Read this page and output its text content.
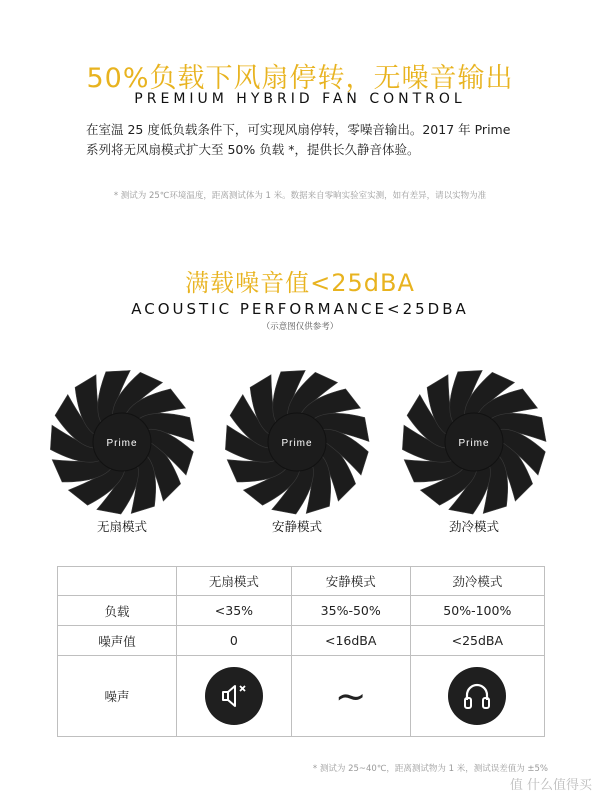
50%负载下风扇停转，无噪音输出
PREMIUM HYBRID FAN CONTROL
在室温 25 度低负载条件下，可实现风扇停转，零噪音输出。2017 年 Prime 系列将无风扇模式扩大至 50% 负载 *，提供长久静音体验。
* 测试为 25℃环境温度，距离测试体为 1 米。数据来自零晌实验室实测，如有差异，请以实物为准
满载噪音值<25dBA
ACOUSTIC PERFORMANCE<25DBA
（示意图仅供参考）
Prime	Prime	Prime
无扇模式	安静模式	劲冷模式
	无扇模式	安静模式	劲冷模式
负载	<35%	35%-50%	50%-100%
噪声值	0	<16dBA	<25dBA
噪声		~	
* 测试为 25~40℃，距离测试物为 1 米，测试误差值为 ±5%
值 什么值得买
